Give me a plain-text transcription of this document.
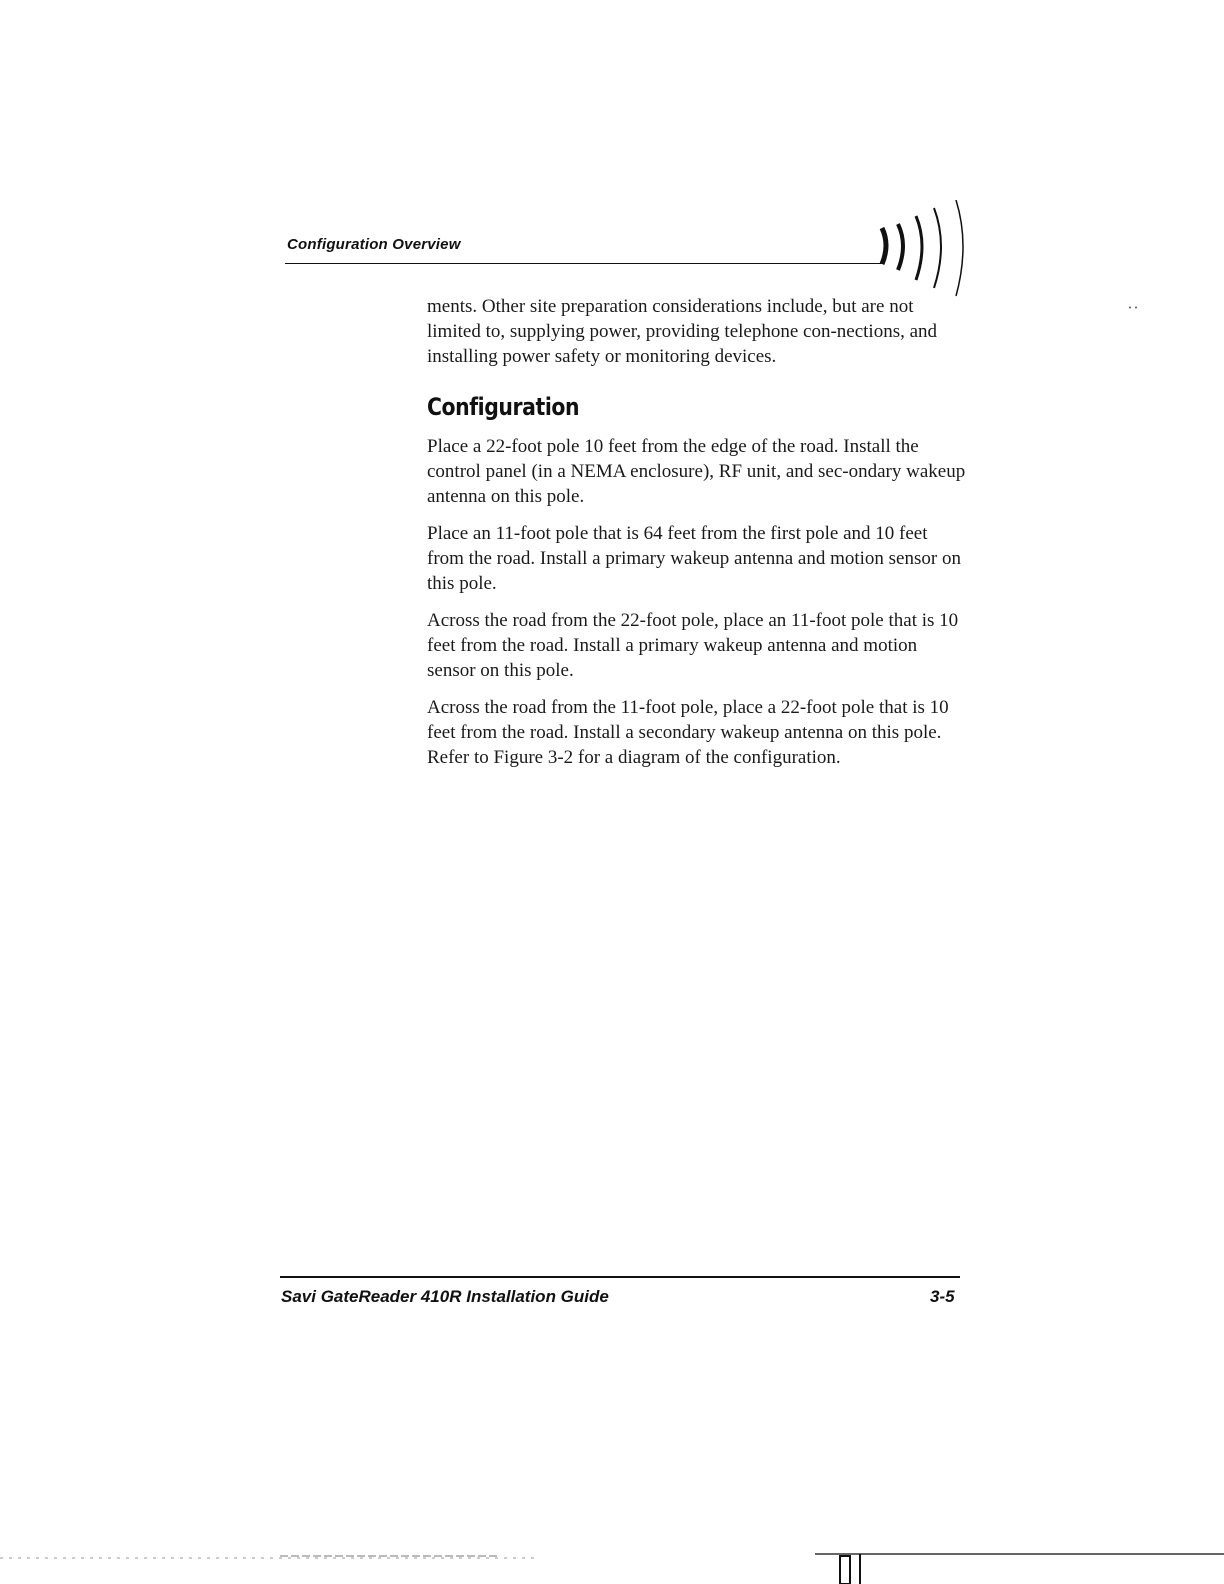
Configuration Overview

ments. Other site preparation considerations include, but are not limited to, supplying power, providing telephone con-nections, and installing power safety or monitoring devices.

Configuration

Place a 22-foot pole 10 feet from the edge of the road. Install the control panel (in a NEMA enclosure), RF unit, and sec-ondary wakeup antenna on this pole.

Place an 11-foot pole that is 64 feet from the first pole and 10 feet from the road. Install a primary wakeup antenna and motion sensor on this pole.

Across the road from the 22-foot pole, place an 11-foot pole that is 10 feet from the road. Install a primary wakeup antenna and motion sensor on this pole.

Across the road from the 11-foot pole, place a 22-foot pole that is 10 feet from the road. Install a secondary wakeup antenna on this pole. Refer to Figure 3-2 for a diagram of the configuration.

Savi GateReader 410R Installation Guide	3-5
